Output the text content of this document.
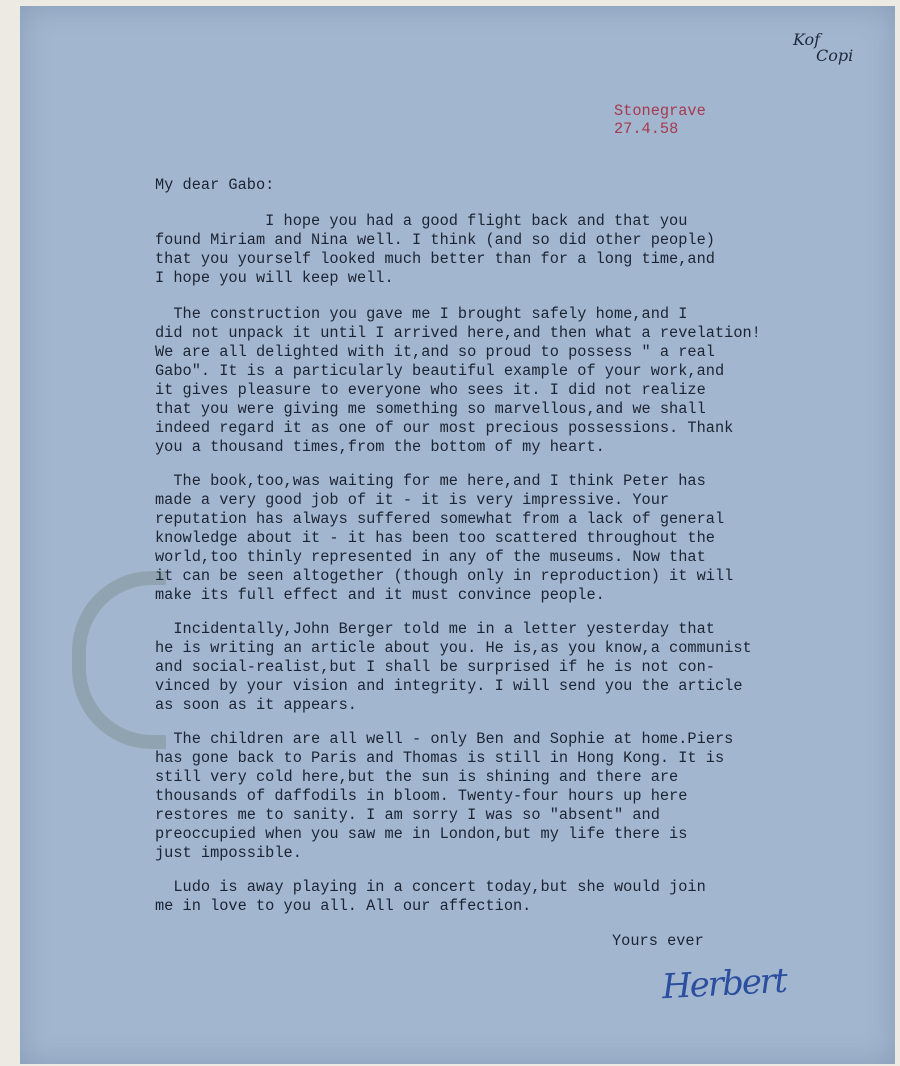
Kof
Copi
Stonegrave
27.4.58
My dear Gabo:
I hope you had a good flight back and that you
found Miriam and Nina well. I think (and so did other people)
that you yourself looked much better than for a long time,and
I hope you will keep well.
The construction you gave me I brought safely home,and I
did not unpack it until I arrived here,and then what a revelation!
We are all delighted with it,and so proud to possess " a real
Gabo". It is a particularly beautiful example of your work,and
it gives pleasure to everyone who sees it. I did not realize
that you were giving me something so marvellous,and we shall
indeed regard it as one of our most precious possessions. Thank
you a thousand times,from the bottom of my heart.
The book,too,was waiting for me here,and I think Peter has
made a very good job of it - it is very impressive. Your
reputation has always suffered somewhat from a lack of general
knowledge about it - it has been too scattered throughout the
world,too thinly represented in any of the museums. Now that
it can be seen altogether (though only in reproduction) it will
make its full effect and it must convince people.
Incidentally,John Berger told me in a letter yesterday that
he is writing an article about you. He is,as you know,a communist
and social-realist,but I shall be surprised if he is not con-
vinced by your vision and integrity. I will send you the article
as soon as it appears.
The children are all well - only Ben and Sophie at home.Piers
has gone back to Paris and Thomas is still in Hong Kong. It is
still very cold here,but the sun is shining and there are
thousands of daffodils in bloom. Twenty-four hours up here
restores me to sanity. I am sorry I was so "absent" and
preoccupied when you saw me in London,but my life there is
just impossible.
Ludo is away playing in a concert today,but she would join
me in love to you all. All our affection.
Yours ever
Herbert
